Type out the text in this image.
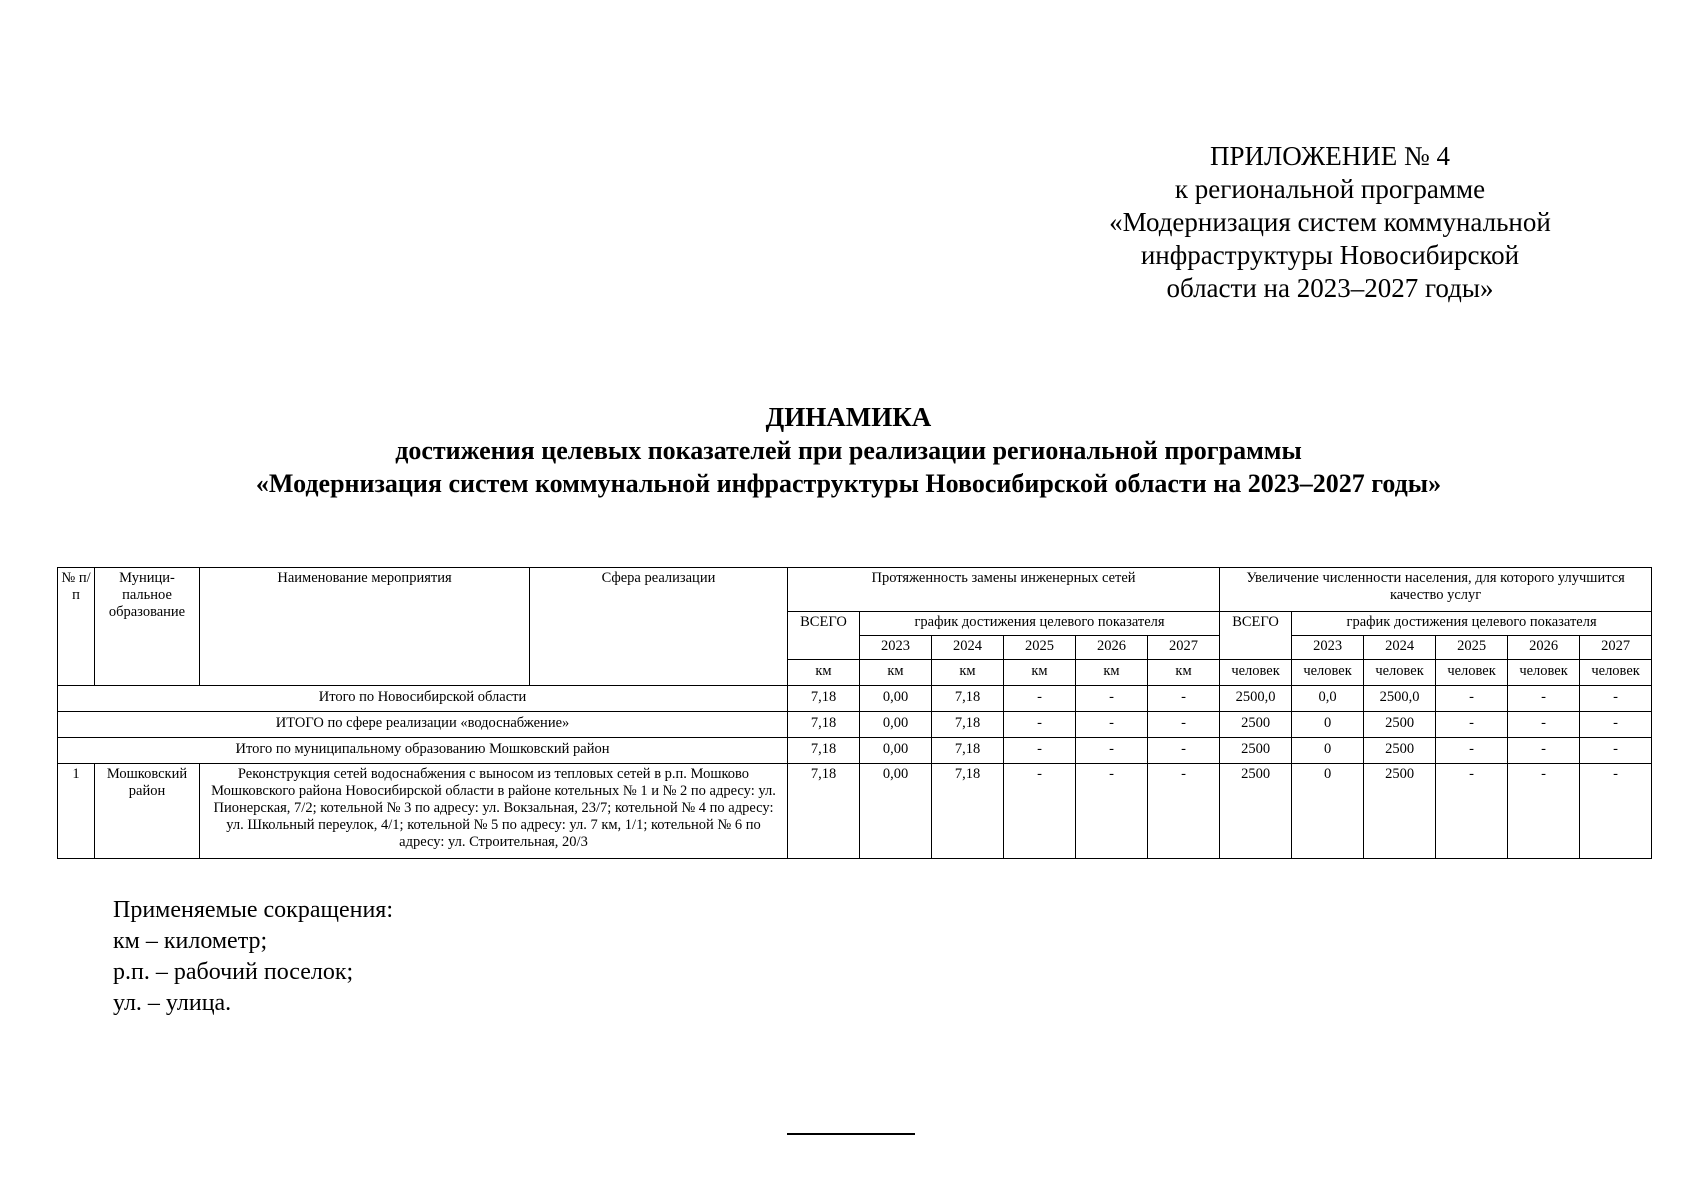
ПРИЛОЖЕНИЕ № 4
к региональной программе
«Модернизация систем коммунальной
инфраструктуры Новосибирской
области на 2023–2027 годы»
ДИНАМИКА
достижения целевых показателей при реализации региональной программы
«Модернизация систем коммунальной инфраструктуры Новосибирской области на 2023–2027 годы»
№ п/п	Муници-пальное образование	Наименование мероприятия	Сфера реализации	Протяженность замены инженерных сетей						Увеличение численности населения, для которого улучшится качество услуг					
				ВСЕГО	график достижения целевого показателя					ВСЕГО	график достижения целевого показателя				
					2023	2024	2025	2026	2027		2023	2024	2025	2026	2027
				км	км	км	км	км	км	человек	человек	человек	человек	человек	человек
Итого по Новосибирской области				7,18	0,00	7,18	-	-	-	2500,0	0,0	2500,0	-	-	-
ИТОГО по сфере реализации «водоснабжение»				7,18	0,00	7,18	-	-	-	2500	0	2500	-	-	-
Итого по муниципальному образованию Мошковский район				7,18	0,00	7,18	-	-	-	2500	0	2500	-	-	-
1	Мошковский район	Реконструкция сетей водоснабжения с выносом из тепловых сетей в р.п. Мошково Мошковского района Новосибирской области в районе котельных № 1 и № 2 по адресу: ул. Пионерская, 7/2; котельной № 3 по адресу: ул. Вокзальная, 23/7; котельной № 4 по адресу: ул. Школьный переулок, 4/1; котельной № 5 по адресу: ул. 7 км, 1/1; котельной № 6 по адресу: ул. Строительная, 20/3		7,18	0,00	7,18	-	-	-	2500	0	2500	-	-	-
Применяемые сокращения:
км – километр;
р.п. – рабочий поселок;
ул. – улица.
